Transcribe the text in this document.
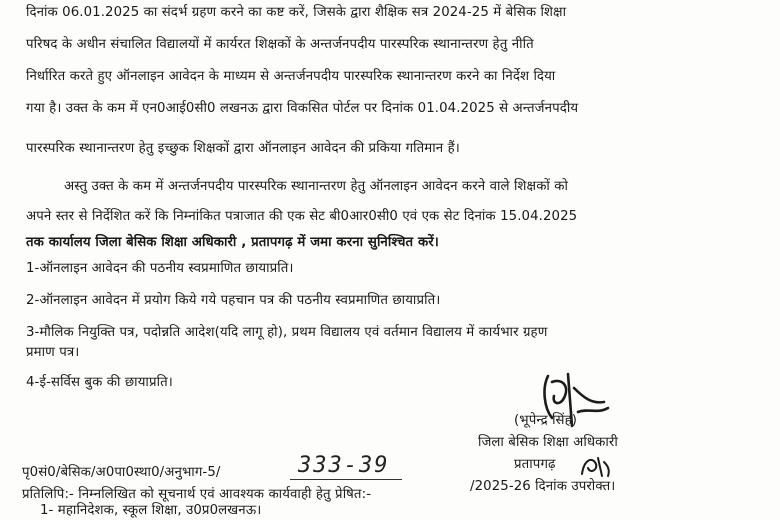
दिनांक 06.01.2025 का संदर्भ ग्रहण करने का कष्ट करें, जिसके द्वारा शैक्षिक सत्र 2024-25 में बेसिक शिक्षा
परिषद के अधीन संचालित विद्यालयों में कार्यरत शिक्षकों के अन्तर्जनपदीय पारस्परिक स्थानान्तरण हेतु नीति
निर्धारित करते हुए ऑनलाइन आवेदन के माध्यम से अन्तर्जनपदीय पारस्परिक स्थानान्तरण करने का निर्देश दिया
गया है। उक्त के कम में एन0आई0सी0 लखनऊ द्वारा विकसित पोर्टल पर दिनांक 01.04.2025 से अन्तर्जनपदीय
पारस्परिक स्थानान्तरण हेतु इच्छुक शिक्षकों द्वारा ऑनलाइन आवेदन की प्रकिया गतिमान हैं।
अस्तु उक्त के कम में अन्तर्जनपदीय पारस्परिक स्थानान्तरण हेतु ऑनलाइन आवेदन करने वाले शिक्षकों को
अपने स्तर से निर्देशित करें कि निम्नांकित पत्राजात की एक सेट बी0आर0सी0 एवं एक सेट दिनांक 15.04.2025
तक कार्यालय जिला बेसिक शिक्षा अधिकारी , प्रतापगढ़ में जमा करना सुनिश्चित करें।
1-ऑनलाइन आवेदन की पठनीय स्वप्रमाणित छायाप्रति।
2-ऑनलाइन आवेदन में प्रयोग किये गये पहचान पत्र की पठनीय स्वप्रमाणित छायाप्रति।
3-मौलिक नियुक्ति पत्र, पदोन्नति आदेश(यदि लागू हो), प्रथम विद्यालय एवं वर्तमान विद्यालय में कार्यभार ग्रहण
प्रमाण पत्र।
4-ई-सर्विस बुक की छायाप्रति।
(भूपेन्द्र सिंह)
जिला बेसिक शिक्षा अधिकारी
प्रतापगढ़
पृ0सं0/बेसिक/अ0पा0स्था0/अनुभाग-5/	333-39
/2025-26 दिनांक उपरोक्त।
प्रतिलिपि:- निम्नलिखित को सूचनार्थ एवं आवश्यक कार्यवाही हेतु प्रेषित:-
1- महानिदेशक, स्कूल शिक्षा, उ0प्र0लखनऊ।
